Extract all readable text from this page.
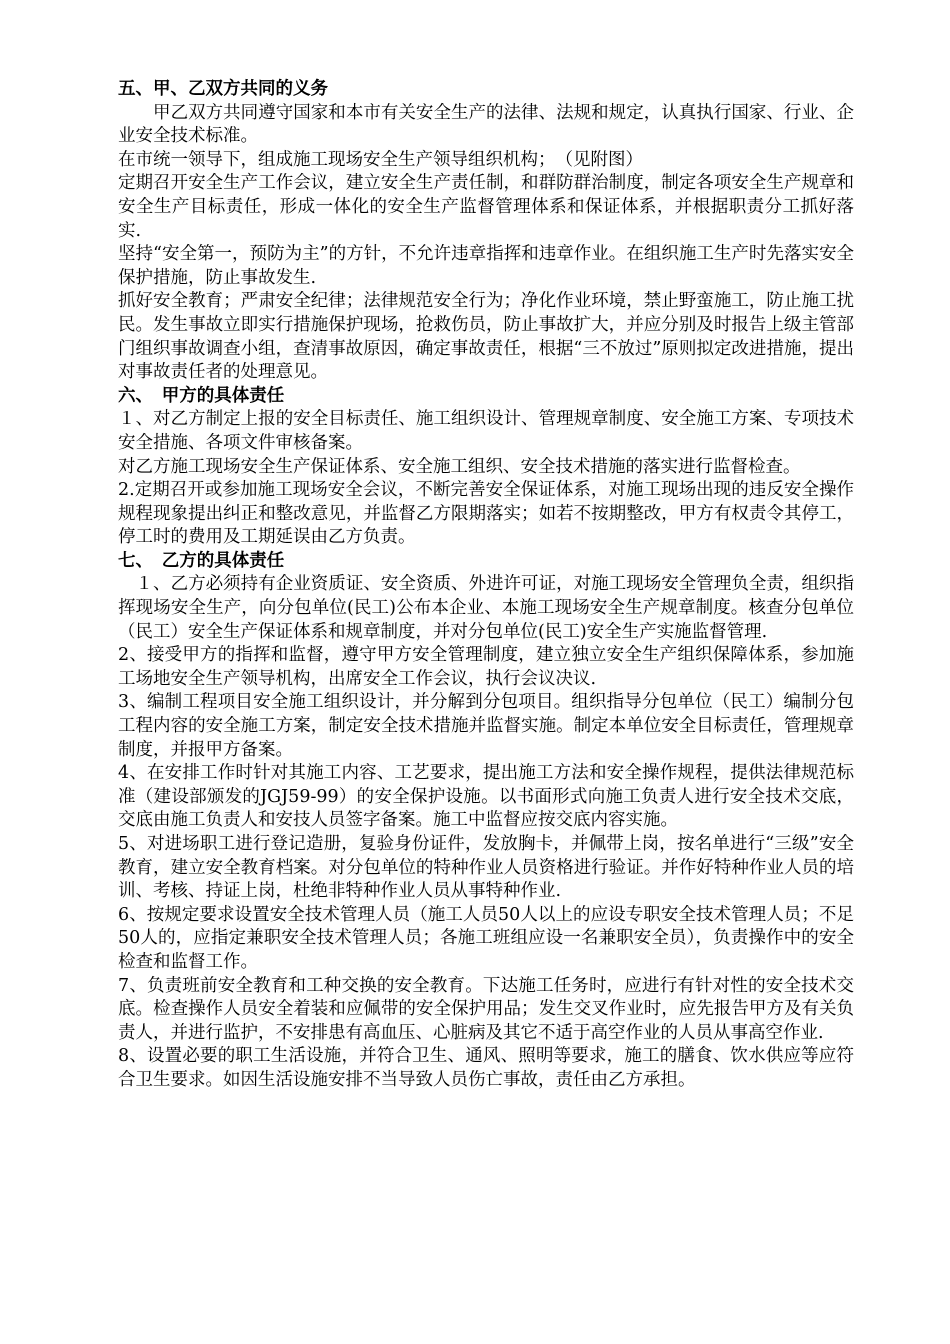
五、甲、乙双方共同的义务

　　甲乙双方共同遵守国家和本市有关安全生产的法律、法规和规定，认真执行国家、行业、企业安全技术标准。

在市统一领导下，组成施工现场安全生产领导组织机构；　（见附图）

定期召开安全生产工作会议，建立安全生产责任制，和群防群治制度，制定各项安全生产规章和安全生产目标责任，形成一体化的安全生产监督管理体系和保证体系，并根据职责分工抓好落实.

坚持“安全第一，预防为主”的方针，不允许违章指挥和违章作业。在组织施工生产时先落实安全保护措施，防止事故发生.

抓好安全教育；严肃安全纪律；法律规范安全行为；净化作业环境，禁止野蛮施工，防止施工扰民。发生事故立即实行措施保护现场，抢救伤员，防止事故扩大，并应分别及时报告上级主管部门组织事故调查小组，查清事故原因，确定事故责任，根据“三不放过”原则拟定改进措施，提出对事故责任者的处理意见。

六、　甲方的具体责任

１、对乙方制定上报的安全目标责任、施工组织设计、管理规章制度、安全施工方案、专项技术安全措施、各项文件审核备案。

对乙方施工现场安全生产保证体系、安全施工组织、安全技术措施的落实进行监督检查。

2.定期召开或参加施工现场安全会议，不断完善安全保证体系，对施工现场出现的违反安全操作规程现象提出纠正和整改意见，并监督乙方限期落实；如若不按期整改，甲方有权责令其停工，停工时的费用及工期延误由乙方负责。

七、　乙方的具体责任

　１、乙方必须持有企业资质证、安全资质、外进许可证，对施工现场安全管理负全责，组织指挥现场安全生产，向分包单位(民工)公布本企业、本施工现场安全生产规章制度。核查分包单位（民工）安全生产保证体系和规章制度，并对分包单位(民工)安全生产实施监督管理.

2、接受甲方的指挥和监督，遵守甲方安全管理制度，建立独立安全生产组织保障体系，参加施工场地安全生产领导机构，出席安全工作会议，执行会议决议.

3、编制工程项目安全施工组织设计，并分解到分包项目。组织指导分包单位（民工）编制分包工程内容的安全施工方案，制定安全技术措施并监督实施。制定本单位安全目标责任，管理规章制度，并报甲方备案。

4、在安排工作时针对其施工内容、工艺要求，提出施工方法和安全操作规程，提供法律规范标准（建设部颁发的JGJ59-99）的安全保护设施。以书面形式向施工负责人进行安全技术交底，交底由施工负责人和安技人员签字备案。施工中监督应按交底内容实施。

5、对进场职工进行登记造册，复验身份证件，发放胸卡，并佩带上岗，按名单进行“三级”安全教育，建立安全教育档案。对分包单位的特种作业人员资格进行验证。并作好特种作业人员的培训、考核、持证上岗，杜绝非特种作业人员从事特种作业.

6、按规定要求设置安全技术管理人员（施工人员50人以上的应设专职安全技术管理人员；不足50人的，应指定兼职安全技术管理人员；各施工班组应设一名兼职安全员），负责操作中的安全检查和监督工作。

7、负责班前安全教育和工种交换的安全教育。下达施工任务时，应进行有针对性的安全技术交底。检查操作人员安全着装和应佩带的安全保护用品；发生交叉作业时，应先报告甲方及有关负责人，并进行监护，不安排患有高血压、心脏病及其它不适于高空作业的人员从事高空作业.

8、设置必要的职工生活设施，并符合卫生、通风、照明等要求，施工的膳食、饮水供应等应符合卫生要求。如因生活设施安排不当导致人员伤亡事故，责任由乙方承担。
